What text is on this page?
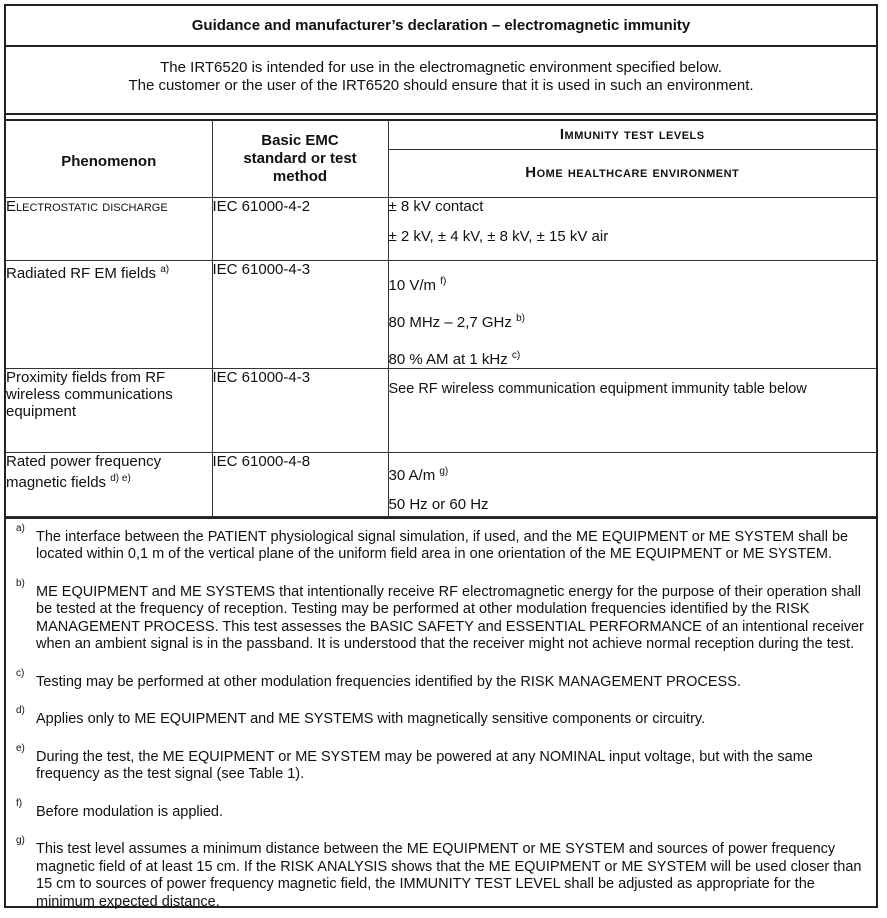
Guidance and manufacturer’s declaration – electromagnetic immunity
The IRT6520 is intended for use in the electromagnetic environment specified below.
The customer or the user of the IRT6520 should ensure that it is used in such an environment.
Phenomenon	Basic EMC standard or test method	Immunity test levels
		Home healthcare environment
Electrostatic discharge	IEC 61000-4-2	± 8 kV contact

± 2 kV, ± 4 kV, ± 8 kV, ± 15 kV air

Radiated RF EM fields $^{a)}$	IEC 61000-4-3	10 V/m $^{f)}$

80 MHz – 2,7 GHz $^{b)}$

80 % AM at 1 kHz $^{c)}$

Proximity fields from RF wireless communications equipment	IEC 61000-4-3	See RF wireless communication equipment immunity table below

Rated power frequency magnetic fields $^{d) e)}$	IEC 61000-4-8	30 A/m $^{g)}$

50 Hz or 60 Hz

a)
The interface between the PATIENT physiological signal simulation, if used, and the ME EQUIPMENT or ME SYSTEM shall be located within 0,1 m of the vertical plane of the uniform field area in one orientation of the ME EQUIPMENT or ME SYSTEM.
b)
ME EQUIPMENT and ME SYSTEMS that intentionally receive RF electromagnetic energy for the purpose of their operation shall be tested at the frequency of reception. Testing may be performed at other modulation frequencies identified by the RISK MANAGEMENT PROCESS. This test assesses the BASIC SAFETY and ESSENTIAL PERFORMANCE of an intentional receiver when an ambient signal is in the passband. It is understood that the receiver might not achieve normal reception during the test.
c)
Testing may be performed at other modulation frequencies identified by the RISK MANAGEMENT PROCESS.
d)
Applies only to ME EQUIPMENT and ME SYSTEMS with magnetically sensitive components or circuitry.
e)
During the test, the ME EQUIPMENT or ME SYSTEM may be powered at any NOMINAL input voltage, but with the same frequency as the test signal (see Table 1).
f)
Before modulation is applied.
g)
This test level assumes a minimum distance between the ME EQUIPMENT or ME SYSTEM and sources of power frequency magnetic field of at least 15 cm. If the RISK ANALYSIS shows that the ME EQUIPMENT or ME SYSTEM will be used closer than 15 cm to sources of power frequency magnetic field, the IMMUNITY TEST LEVEL shall be adjusted as appropriate for the minimum expected distance.
